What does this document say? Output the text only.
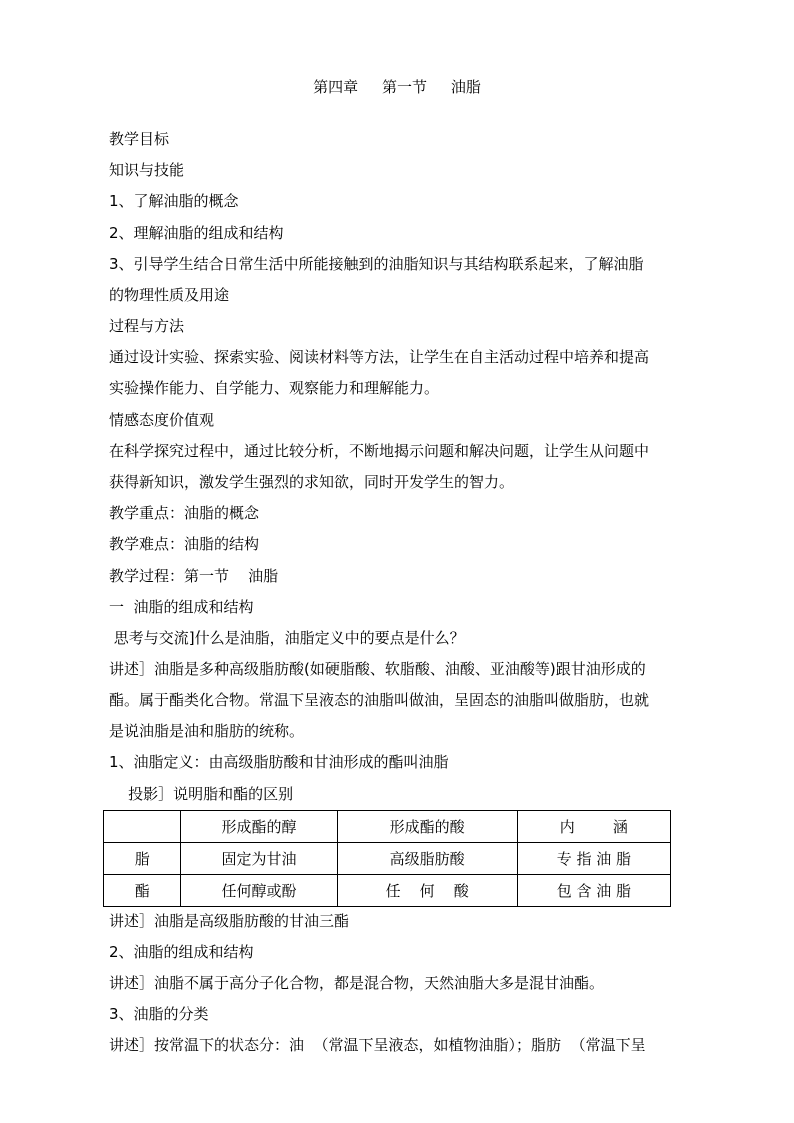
第四章     第一节     油脂
教学目标
知识与技能
1、了解油脂的概念
2、理解油脂的组成和结构
3、引导学生结合日常生活中所能接触到的油脂知识与其结构联系起来，了解油脂
的物理性质及用途
过程与方法
通过设计实验、探索实验、阅读材料等方法，让学生在自主活动过程中培养和提高
实验操作能力、自学能力、观察能力和理解能力。
情感态度价值观
在科学探究过程中，通过比较分析，不断地揭示问题和解决问题，让学生从问题中
获得新知识，激发学生强烈的求知欲，同时开发学生的智力。
教学重点：油脂的概念
教学难点：油脂的结构
教学过程：第一节    油脂
一  油脂的组成和结构
思考与交流]什么是油脂，油脂定义中的要点是什么？
讲述］油脂是多种高级脂肪酸(如硬脂酸、软脂酸、油酸、亚油酸等)跟甘油形成的
酯。属于酯类化合物。常温下呈液态的油脂叫做油，呈固态的油脂叫做脂肪，也就
是说油脂是油和脂肪的统称。
1、油脂定义：由高级脂肪酸和甘油形成的酯叫油脂
投影］说明脂和酯的区别
	形成酯的醇	形成酯的酸	内        涵
脂	固定为甘油	高级脂肪酸	专 指 油 脂
酯	任何醇或酚	任    何    酸	包 含 油 脂
讲述］油脂是高级脂肪酸的甘油三酯
2、油脂的组成和结构
讲述］油脂不属于高分子化合物，都是混合物，天然油脂大多是混甘油酯。
3、油脂的分类
讲述］按常温下的状态分：油  （常温下呈液态，如植物油脂）；脂肪  （常温下呈
